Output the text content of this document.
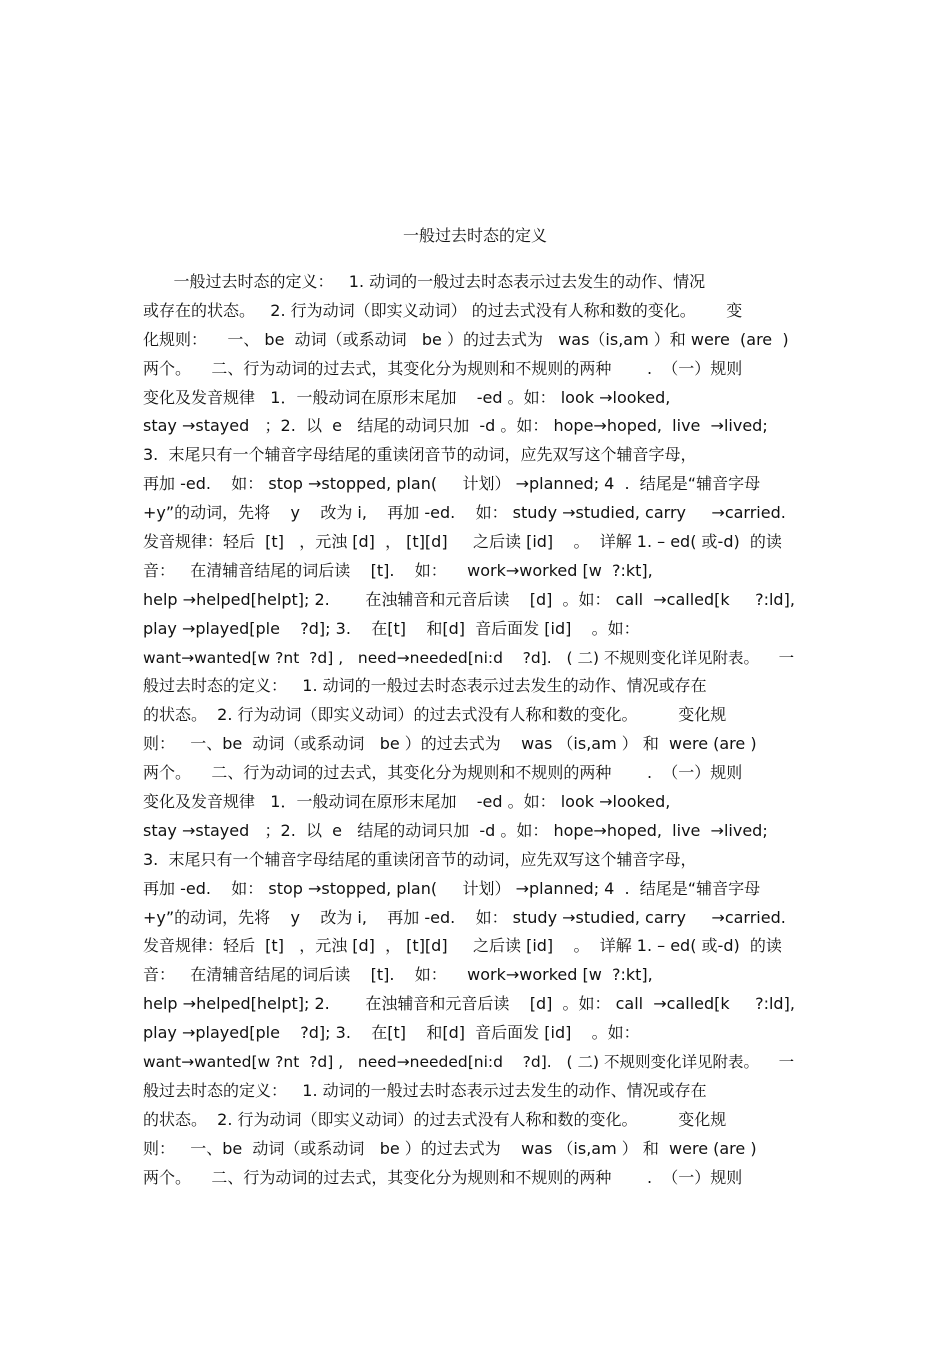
一般过去时态的定义
一般过去时态的定义：   1. 动词的一般过去时态表示过去发生的动作、情况
或存在的状态。   2. 行为动词（即实义动词） 的过去式没有人称和数的变化。      变
化规则：    一、 be  动词（或系动词   be ）的过去式为   was（is,am ）和 were  (are  )
两个。    二、行为动词的过去式，其变化分为规则和不规则的两种       .  （一）规则
变化及发音规律   1．一般动词在原形末尾加    -ed 。如： look →looked,
stay →stayed   ；2.  以  e   结尾的动词只加  -d 。如： hope→hoped,  live  →lived;
3.  末尾只有一个辅音字母结尾的重读闭音节的动词，应先双写这个辅音字母，
再加 -ed.    如： stop →stopped, plan(     计划） →planned; 4  .  结尾是“辅音字母
+y”的动词，先将    y    改为 i,    再加 -ed.    如： study →studied, carry     →carried.
发音规律：轻后  [t]   ，元浊 [d]  ， [t][d]     之后读 [id]    。  详解 1. – ed( 或-d)  的读
音：   在清辅音结尾的词后读    [t].    如：    work→worked [w  ?:kt],
help →helped[helpt]; 2.       在浊辅音和元音后读    [d]  。如： call  →called[k     ?:ld],
play →played[ple    ?d]; 3.    在[t]    和[d]  音后面发 [id]    。如：
want→wanted[w ?nt  ?d] ,   need→needed[ni:d    ?d].   ( 二) 不规则变化详见附表。    一
般过去时态的定义：   1. 动词的一般过去时态表示过去发生的动作、情况或存在
的状态。  2. 行为动词（即实义动词）的过去式没有人称和数的变化。        变化规
则：   一、be  动词（或系动词   be ）的过去式为    was （is,am ） 和  were (are )
两个。    二、行为动词的过去式，其变化分为规则和不规则的两种       .  （一）规则
变化及发音规律   1．一般动词在原形末尾加    -ed 。如： look →looked,
stay →stayed   ；2.  以  e   结尾的动词只加  -d 。如： hope→hoped,  live  →lived;
3.  末尾只有一个辅音字母结尾的重读闭音节的动词，应先双写这个辅音字母，
再加 -ed.    如： stop →stopped, plan(     计划） →planned; 4  .  结尾是“辅音字母
+y”的动词，先将    y    改为 i,    再加 -ed.    如： study →studied, carry     →carried.
发音规律：轻后  [t]   ，元浊 [d]  ， [t][d]     之后读 [id]    。  详解 1. – ed( 或-d)  的读
音：   在清辅音结尾的词后读    [t].    如：    work→worked [w  ?:kt],
help →helped[helpt]; 2.       在浊辅音和元音后读    [d]  。如： call  →called[k     ?:ld],
play →played[ple    ?d]; 3.    在[t]    和[d]  音后面发 [id]    。如：
want→wanted[w ?nt  ?d] ,   need→needed[ni:d    ?d].   ( 二) 不规则变化详见附表。    一
般过去时态的定义：   1. 动词的一般过去时态表示过去发生的动作、情况或存在
的状态。  2. 行为动词（即实义动词）的过去式没有人称和数的变化。        变化规
则：   一、be  动词（或系动词   be ）的过去式为    was （is,am ） 和  were (are )
两个。    二、行为动词的过去式，其变化分为规则和不规则的两种       .  （一）规则
